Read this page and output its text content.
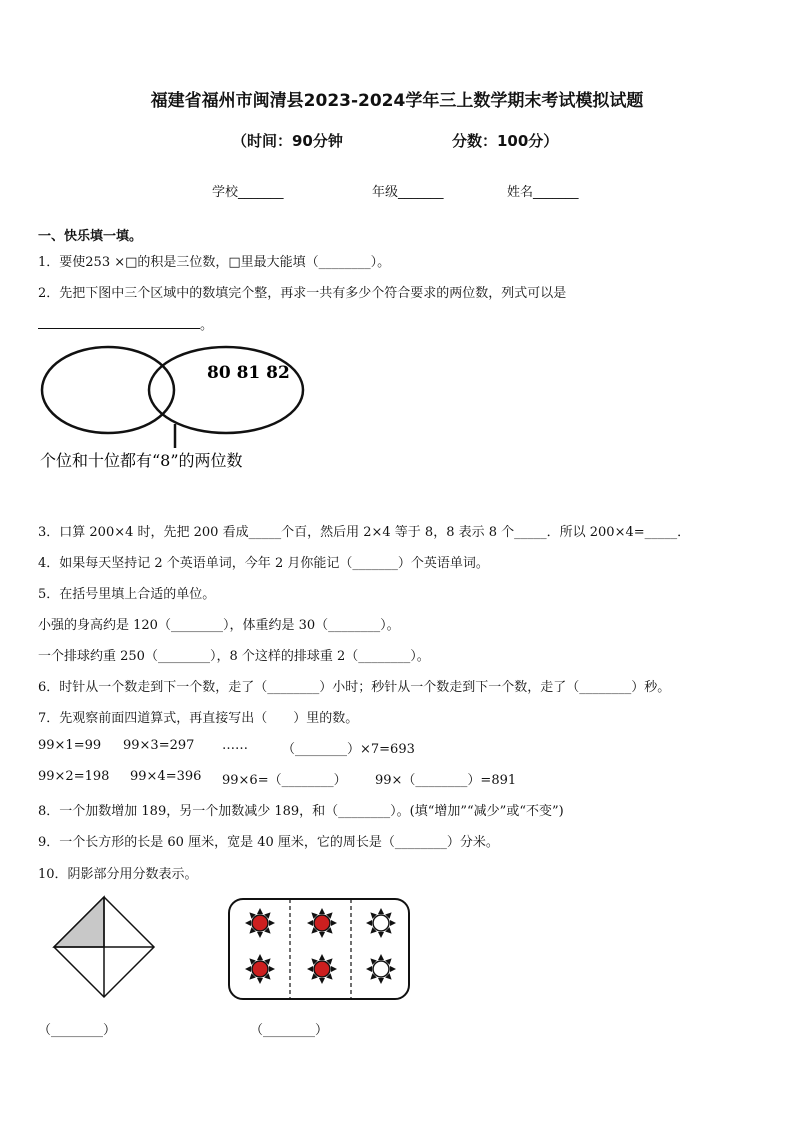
福建省福州市闽清县2023-2024学年三上数学期末考试模拟试题
（时间：90分钟	分数：100分）
学校_______	年级_______	姓名_______
一、快乐填一填。
1．要使253 ×□的积是三位数，□里最大能填（________）。
2．先把下图中三个区域中的数填完个整，再求一共有多少个符合要求的两位数，列式可以是
。
80 81 82
个位和十位都有“8”的两位数
3．口算 200×4 时，先把 200 看成_____个百，然后用 2×4 等于 8，8 表示 8 个_____．所以 200×4=_____．
4．如果每天坚持记 2 个英语单词，今年 2 月你能记（_______）个英语单词。
5．在括号里填上合适的单位。
小强的身高约是 120（________），体重约是 30（________）。
一个排球约重 250（________），8 个这样的排球重 2（________）。
6．时针从一个数走到下一个数，走了（________）小时；秒针从一个数走到下一个数，走了（________）秒。
7．先观察前面四道算式，再直接写出（　　）里的数。
99×1=99 99×3=297 ……	（________）×7=693
99×2=198 99×4=396 99×6=（________） 99×（________）=891
8．一个加数增加 189，另一个加数减少 189，和（________）。(填“增加”“减少”或“不变”)
9．一个长方形的长是 60 厘米，宽是 40 厘米，它的周长是（________）分米。
10．阴影部分用分数表示。
（________）	（________）
